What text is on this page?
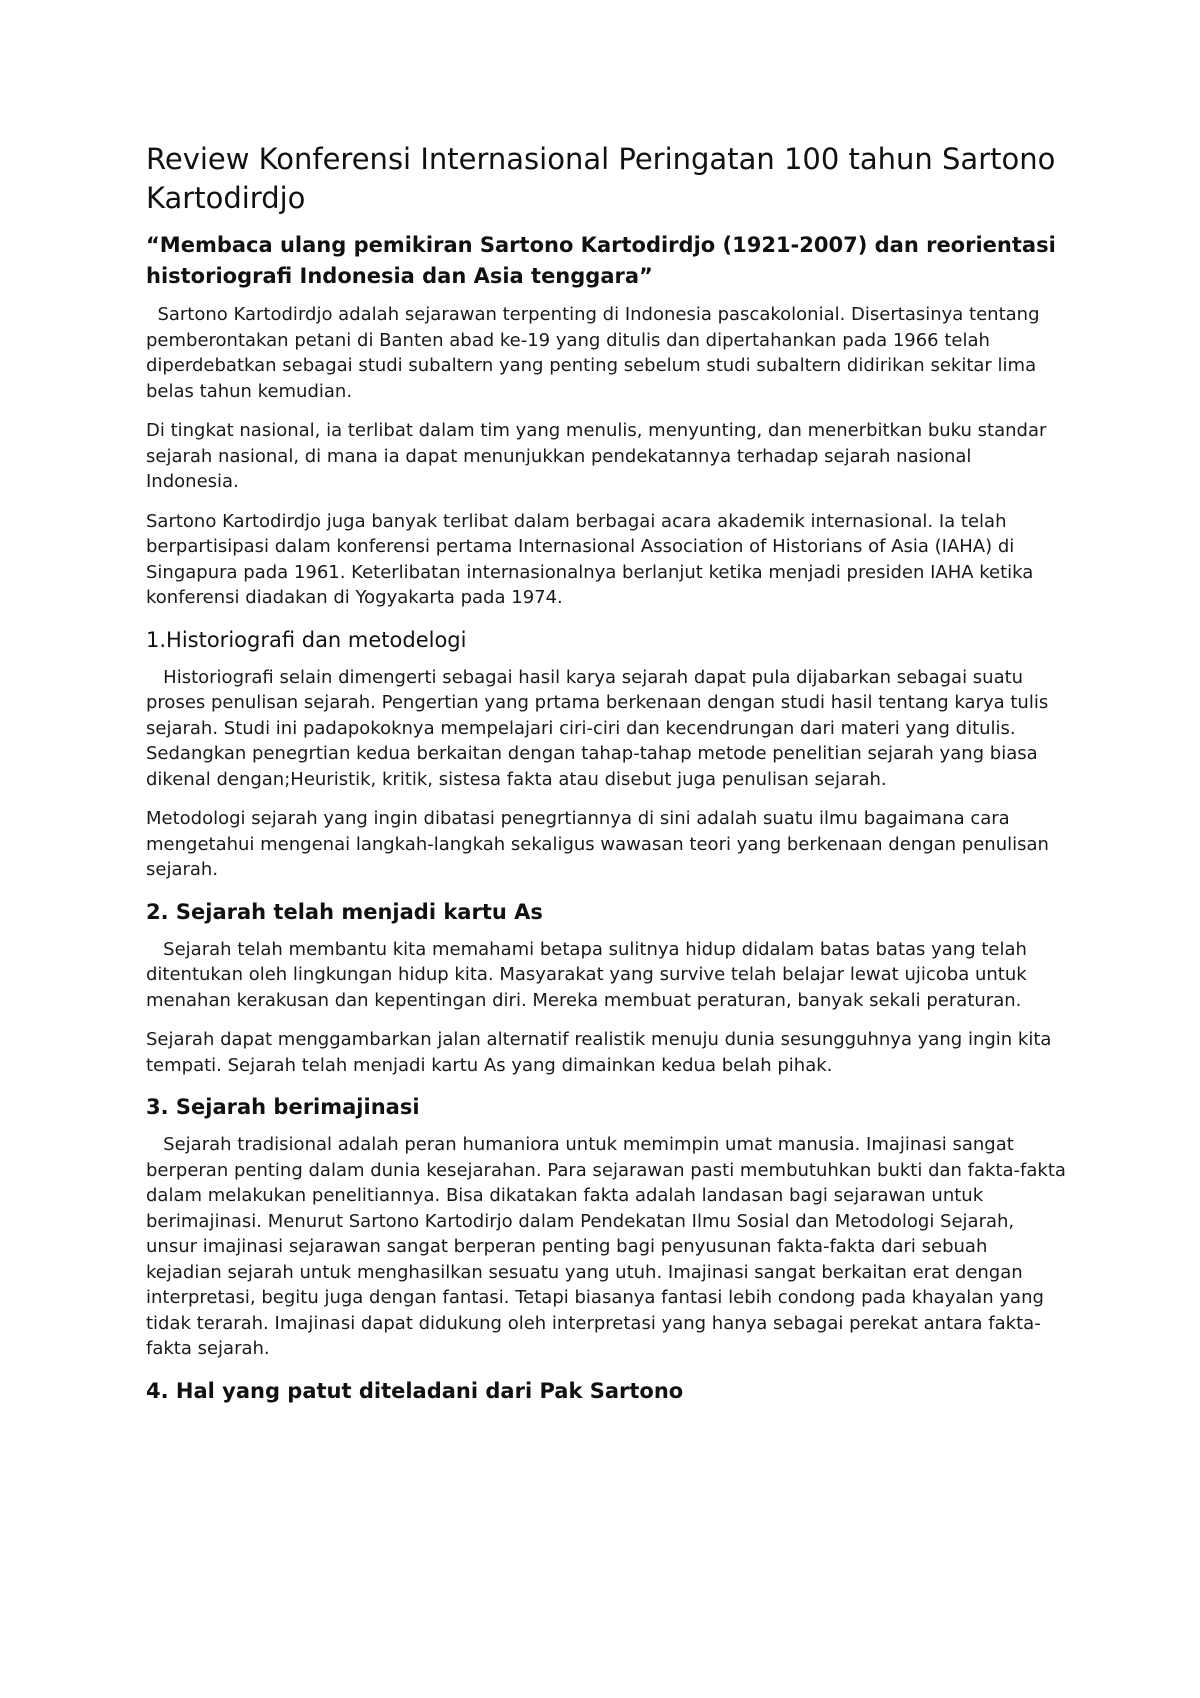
Review Konferensi Internasional Peringatan 100 tahun Sartono Kartodirdjo
“Membaca ulang pemikiran Sartono Kartodirdjo (1921-2007) dan reorientasi historiografi Indonesia dan Asia tenggara”

Sartono Kartodirdjo adalah sejarawan terpenting di Indonesia pascakolonial. Disertasinya tentang pemberontakan petani di Banten abad ke-19 yang ditulis dan dipertahankan pada 1966 telah diperdebatkan sebagai studi subaltern yang penting sebelum studi subaltern didirikan sekitar lima belas tahun kemudian.

Di tingkat nasional, ia terlibat dalam tim yang menulis, menyunting, dan menerbitkan buku standar sejarah nasional, di mana ia dapat menunjukkan pendekatannya terhadap sejarah nasional Indonesia.

Sartono Kartodirdjo juga banyak terlibat dalam berbagai acara akademik internasional. Ia telah berpartisipasi dalam konferensi pertama Internasional Association of Historians of Asia (IAHA) di Singapura pada 1961. Keterlibatan internasionalnya berlanjut ketika menjadi presiden IAHA ketika konferensi diadakan di Yogyakarta pada 1974.

1.Historiografi dan metodelogi

Historiografi selain dimengerti sebagai hasil karya sejarah dapat pula dijabarkan sebagai suatu proses penulisan sejarah. Pengertian yang prtama berkenaan dengan studi hasil tentang karya tulis sejarah. Studi ini padapokoknya mempelajari ciri-ciri dan kecendrungan dari materi yang ditulis. Sedangkan penegrtian kedua berkaitan dengan tahap-tahap metode penelitian sejarah yang biasa dikenal dengan;Heuristik, kritik, sistesa fakta atau disebut juga penulisan sejarah.

Metodologi sejarah yang ingin dibatasi penegrtiannya di sini adalah suatu ilmu bagaimana cara mengetahui mengenai langkah-langkah sekaligus wawasan teori yang berkenaan dengan penulisan sejarah.

2. Sejarah telah menjadi kartu As

Sejarah telah membantu kita memahami betapa sulitnya hidup didalam batas batas yang telah ditentukan oleh lingkungan hidup kita. Masyarakat yang survive telah belajar lewat ujicoba untuk menahan kerakusan dan kepentingan diri. Mereka membuat peraturan, banyak sekali peraturan.

Sejarah dapat menggambarkan jalan alternatif realistik menuju dunia sesungguhnya yang ingin kita tempati. Sejarah telah menjadi kartu As yang dimainkan kedua belah pihak.

3. Sejarah berimajinasi

Sejarah tradisional adalah peran humaniora untuk memimpin umat manusia. Imajinasi sangat berperan penting dalam dunia kesejarahan. Para sejarawan pasti membutuhkan bukti dan fakta-fakta dalam melakukan penelitiannya. Bisa dikatakan fakta adalah landasan bagi sejarawan untuk berimajinasi. Menurut Sartono Kartodirjo dalam Pendekatan Ilmu Sosial dan Metodologi Sejarah, unsur imajinasi sejarawan sangat berperan penting bagi penyusunan fakta-fakta dari sebuah kejadian sejarah untuk menghasilkan sesuatu yang utuh. Imajinasi sangat berkaitan erat dengan interpretasi, begitu juga dengan fantasi. Tetapi biasanya fantasi lebih condong pada khayalan yang tidak terarah. Imajinasi dapat didukung oleh interpretasi yang hanya sebagai perekat antara fakta-fakta sejarah.

4. Hal yang patut diteladani dari Pak Sartono
